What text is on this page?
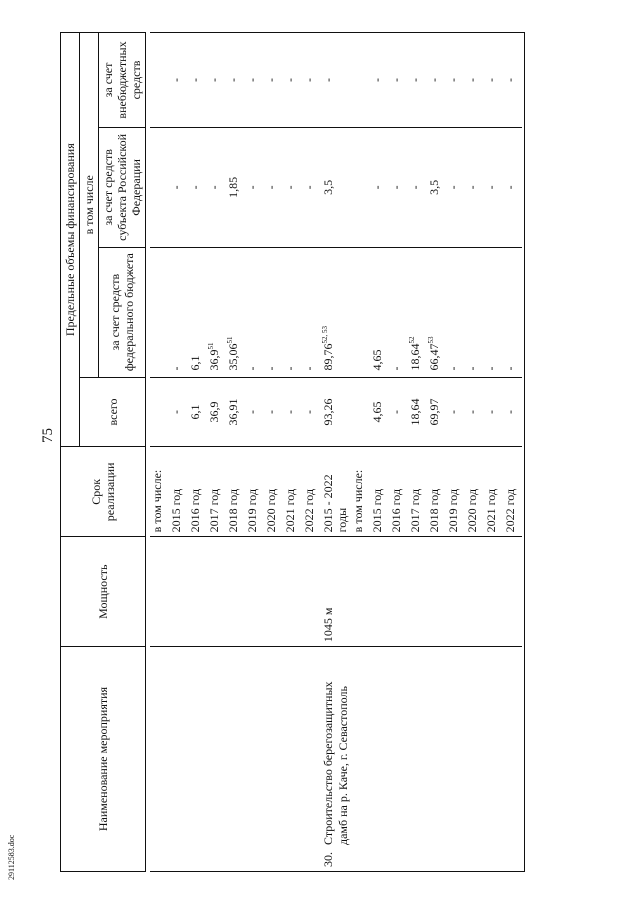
75
29112583.doc
Наименование мероприятия	Мощность	Срок реализации	Предельные объемы финансирования			
			всего	в том числе		
				за счет средств федерального бюджета	за счет средств субъекта Российской Федерации	за счет внебюджетных средств

		в том числе:				
		2015 год	-	-	-	-
		2016 год	6,1	6,1	-	-
		2017 год	36,9	36,9$^{51}$	-	-
		2018 год	36,91	35,06$^{51}$	1,85	-
		2019 год	-	-	-	-
		2020 год	-	-	-	-
		2021 год	-	-	-	-
		2022 год	-	-	-	-
30.Строительство берегозащитных дамб на р. Каче, г. Севастополь	1045 м	2015 - 2022 годы	93,26	89,76$^{52, 53}$	3,5	-
		в том числе:				
		2015 год	4,65	4,65	-	-
		2016 год	-	-	-	-
		2017 год	18,64	18,64$^{52}$	-	-
		2018 год	69,97	66,47$^{53}$	3,5	-
		2019 год	-	-	-	-
		2020 год	-	-	-	-
		2021 год	-	-	-	-
		2022 год	-	-	-	-
